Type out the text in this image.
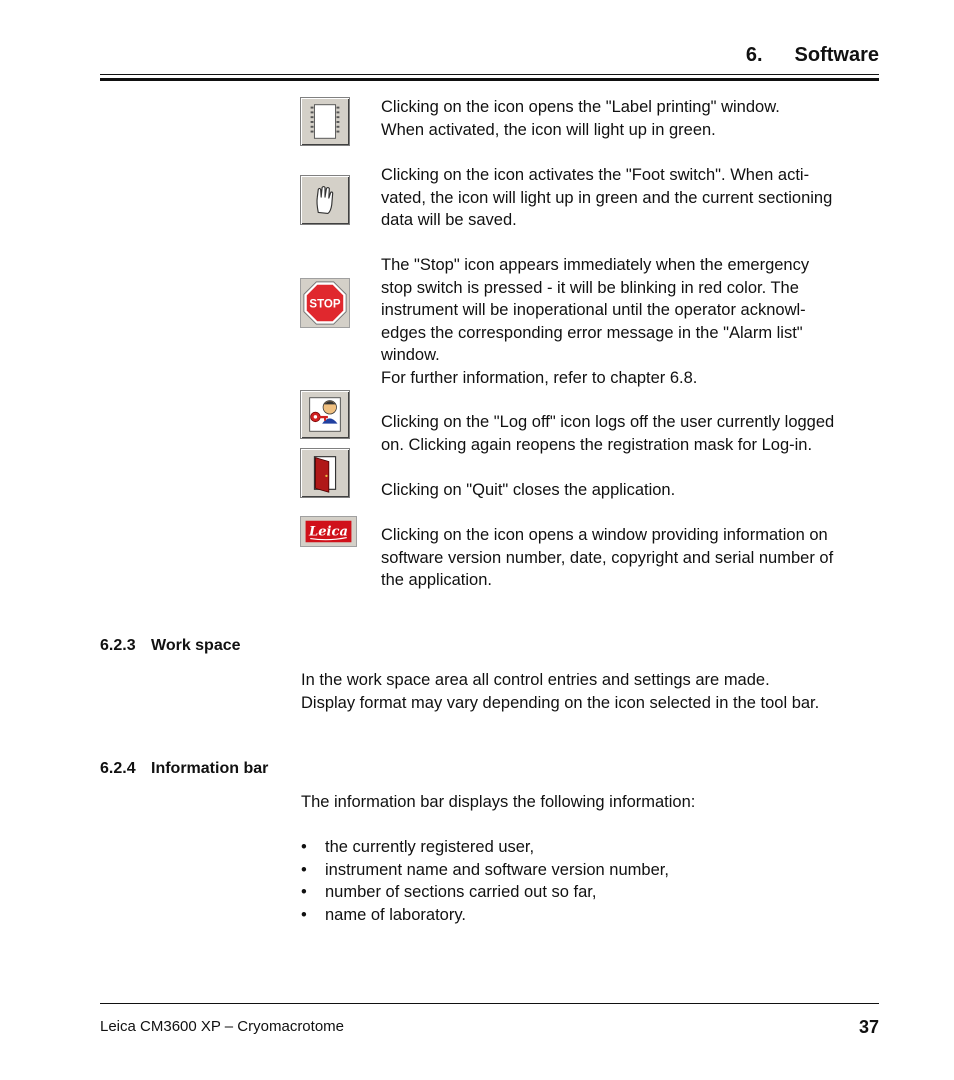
6. Software
Clicking on the icon opens the "Label printing" window.
When activated, the icon will light up in green.
Clicking on the icon activates the "Foot switch". When acti-
vated, the icon will light up in green and the current sectioning
data will be saved.
STOP
The "Stop" icon appears immediately when the emergency
stop switch is pressed - it will be blinking in red color. The
instrument will be inoperational until the operator acknowl-
edges the corresponding error message in the "Alarm list"
window.
For further information, refer to chapter 6.8.
Clicking on the "Log off" icon logs off the user currently logged
on. Clicking again reopens the registration mask for Log-in.
Clicking on "Quit" closes the application.
Leica Clicking on the icon opens a window providing information on
software version number, date, copyright and serial number of
the application.
6.2.3 Work space
In the work space area all control entries and settings are made.
Display format may vary depending on the icon selected in the tool bar.
6.2.4 Information bar
The information bar displays the following information:
• the currently registered user,
• instrument name and software version number,
• number of sections carried out so far,
• name of laboratory.
Leica CM3600 XP – Cryomacrotome	37
